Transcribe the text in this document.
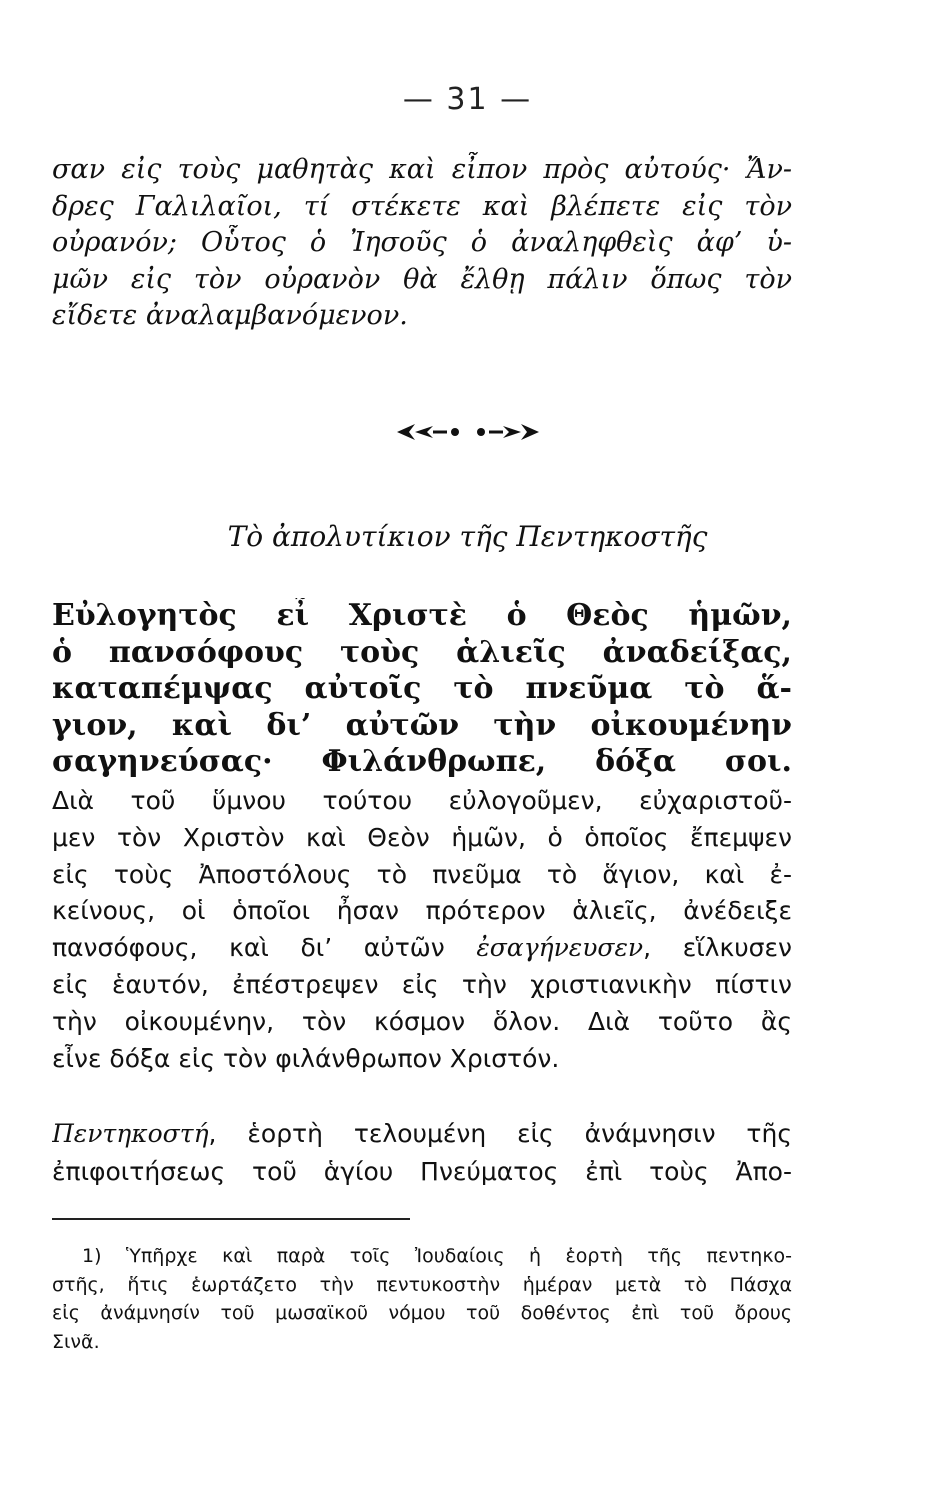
— 31 —
σαν εἰς τοὺς μαθητὰς καὶ εἶπον πρὸς αὐτούς· Ἄν-
δρες Γαλιλαῖοι, τί στέκετε καὶ βλέπετε εἰς τὸν
οὐρανόν; Οὗτος ὁ Ἰησοῦς ὁ ἀναληφθεὶς ἀφ’ ὑ-
μῶν εἰς τὸν οὐρανὸν θὰ ἔλθῃ πάλιν ὅπως τὸν
εἴδετε ἀναλαμβανόμενον.
Τὸ ἀπολυτίκιον τῆς Πεντηκοστῆς
Εὐλογητὸς εἶ Χριστὲ ὁ Θεὸς ἡμῶν,
ὁ πανσόφους τοὺς ἁλιεῖς ἀναδείξας,
καταπέμψας αὐτοῖς τὸ πνεῦμα τὸ ἅ-
γιον, καὶ δι’ αὐτῶν τὴν οἰκουμένην
σαγηνεύσας· Φιλάνθρωπε, δόξα σοι.
Διὰ τοῦ ὕμνου τούτου εὐλογοῦμεν, εὐχαριστοῦ-
μεν τὸν Χριστὸν καὶ Θεὸν ἡμῶν, ὁ ὁποῖος ἔπεμψεν
εἰς τοὺς Ἀποστόλους τὸ πνεῦμα τὸ ἅγιον, καὶ ἐ-
κείνους, οἱ ὁποῖοι ἦσαν πρότερον ἁλιεῖς, ἀνέδειξε
πανσόφους, καὶ δι’ αὐτῶν ἐσαγήνευσεν, εἵλκυσεν
εἰς ἑαυτόν, ἐπέστρεψεν εἰς τὴν χριστιανικὴν πίστιν
τὴν οἰκουμένην, τὸν κόσμον ὅλον. Διὰ τοῦτο ἂς
εἶνε δόξα εἰς τὸν φιλάνθρωπον Χριστόν.
Πεντηκοστή, ἑορτὴ τελουμένη εἰς ἀνάμνησιν τῆς
ἐπιφοιτήσεως τοῦ ἁγίου Πνεύματος ἐπὶ τοὺς Ἀπο-
1) Ὑπῆρχε καὶ παρὰ τοῖς Ἰουδαίοις ἡ ἑορτὴ τῆς πεντηκο-
στῆς, ἥτις ἑωρτάζετο τὴν πεντυκοστὴν ἡμέραν μετὰ τὸ Πάσχα
εἰς ἀνάμνησίν τοῦ μωσαϊκοῦ νόμου τοῦ δοθέντος ἐπὶ τοῦ ὄρους
Σινᾶ.
